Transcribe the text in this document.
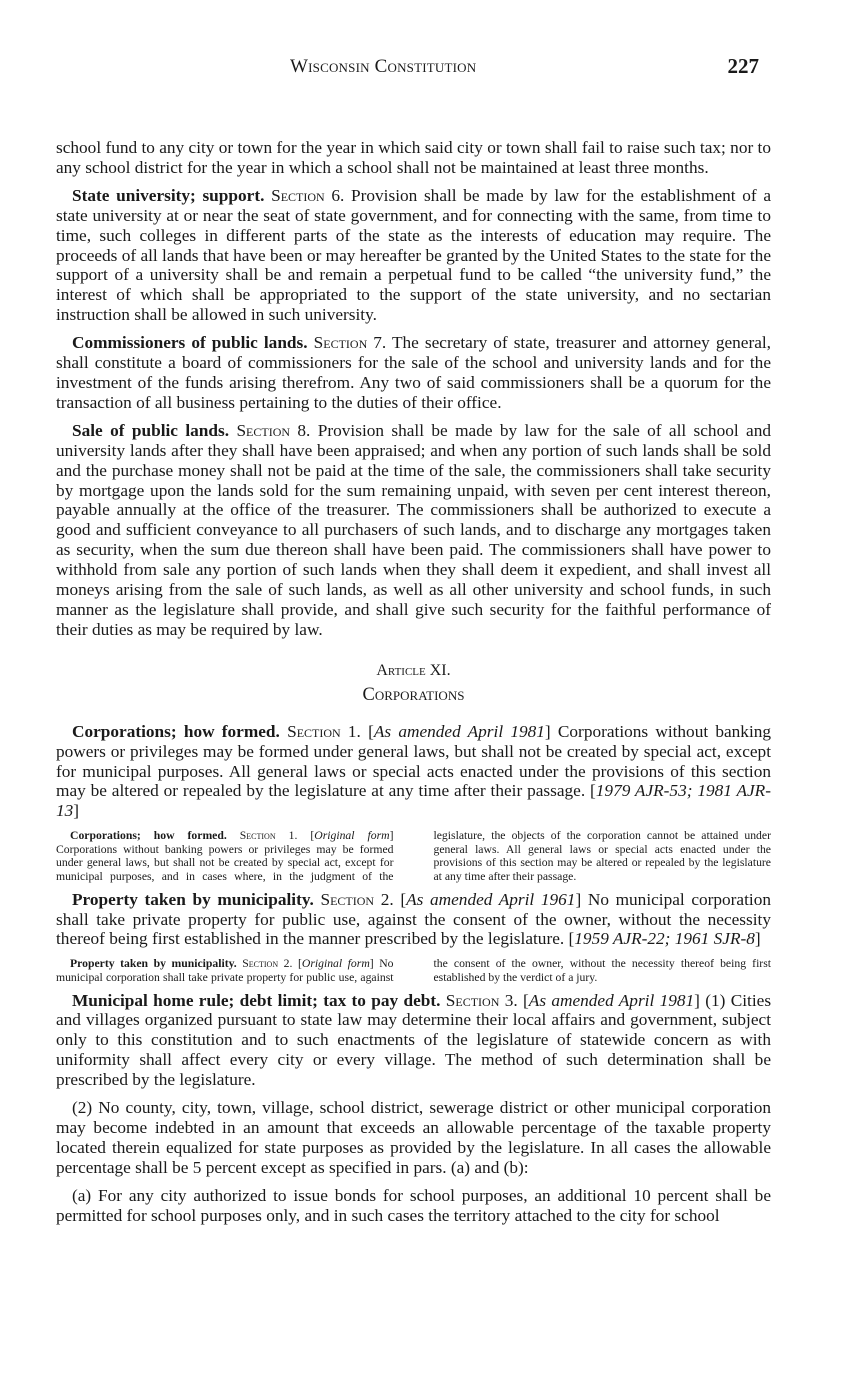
Wisconsin Constitution	227

school fund to any city or town for the year in which said city or town shall fail to raise such tax; nor to any school district for the year in which a school shall not be maintained at least three months.

State university; support. Section 6. Provision shall be made by law for the establishment of a state university at or near the seat of state government, and for connecting with the same, from time to time, such colleges in different parts of the state as the interests of education may require. The proceeds of all lands that have been or may hereafter be granted by the United States to the state for the support of a university shall be and remain a perpetual fund to be called “the university fund,” the interest of which shall be appropriated to the support of the state university, and no sectarian instruction shall be allowed in such university.

Commissioners of public lands. Section 7. The secretary of state, treasurer and attorney general, shall constitute a board of commissioners for the sale of the school and university lands and for the investment of the funds arising therefrom. Any two of said commissioners shall be a quorum for the transaction of all business pertaining to the duties of their office.

Sale of public lands. Section 8. Provision shall be made by law for the sale of all school and university lands after they shall have been appraised; and when any portion of such lands shall be sold and the purchase money shall not be paid at the time of the sale, the commissioners shall take security by mortgage upon the lands sold for the sum remaining unpaid, with seven per cent interest thereon, payable annually at the office of the treasurer. The commissioners shall be authorized to execute a good and sufficient conveyance to all purchasers of such lands, and to discharge any mortgages taken as security, when the sum due thereon shall have been paid. The commissioners shall have power to withhold from sale any portion of such lands when they shall deem it expedient, and shall invest all moneys arising from the sale of such lands, as well as all other university and school funds, in such manner as the legislature shall provide, and shall give such security for the faithful performance of their duties as may be required by law.

Article XI.
Corporations

Corporations; how formed. Section 1. [As amended April 1981] Corporations without banking powers or privileges may be formed under general laws, but shall not be created by special act, except for municipal purposes. All general laws or special acts enacted under the provisions of this section may be altered or repealed by the legislature at any time after their passage. [1979 AJR-53; 1981 AJR-13]

Corporations; how formed. Section 1. [Original form] Corporations without banking powers or privileges may be formed under general laws, but shall not be created by special act, except for municipal purposes, and in cases where, in the judgment of the legislature, the objects of the corporation cannot be attained under general laws. All general laws or special acts enacted under the provisions of this section may be altered or repealed by the legislature at any time after their passage.

Property taken by municipality. Section 2. [As amended April 1961] No municipal corporation shall take private property for public use, against the consent of the owner, without the necessity thereof being first established in the manner prescribed by the legislature. [1959 AJR-22; 1961 SJR-8]

Property taken by municipality. Section 2. [Original form] No municipal corporation shall take private property for public use, against the consent of the owner, without the necessity thereof being first established by the verdict of a jury.

Municipal home rule; debt limit; tax to pay debt. Section 3. [As amended April 1981] (1) Cities and villages organized pursuant to state law may determine their local affairs and government, subject only to this constitution and to such enactments of the legislature of statewide concern as with uniformity shall affect every city or every village. The method of such determination shall be prescribed by the legislature.

(2) No county, city, town, village, school district, sewerage district or other municipal corporation may become indebted in an amount that exceeds an allowable percentage of the taxable property located therein equalized for state purposes as provided by the legislature. In all cases the allowable percentage shall be 5 percent except as specified in pars. (a) and (b):

(a) For any city authorized to issue bonds for school purposes, an additional 10 percent shall be permitted for school purposes only, and in such cases the territory attached to the city for school
